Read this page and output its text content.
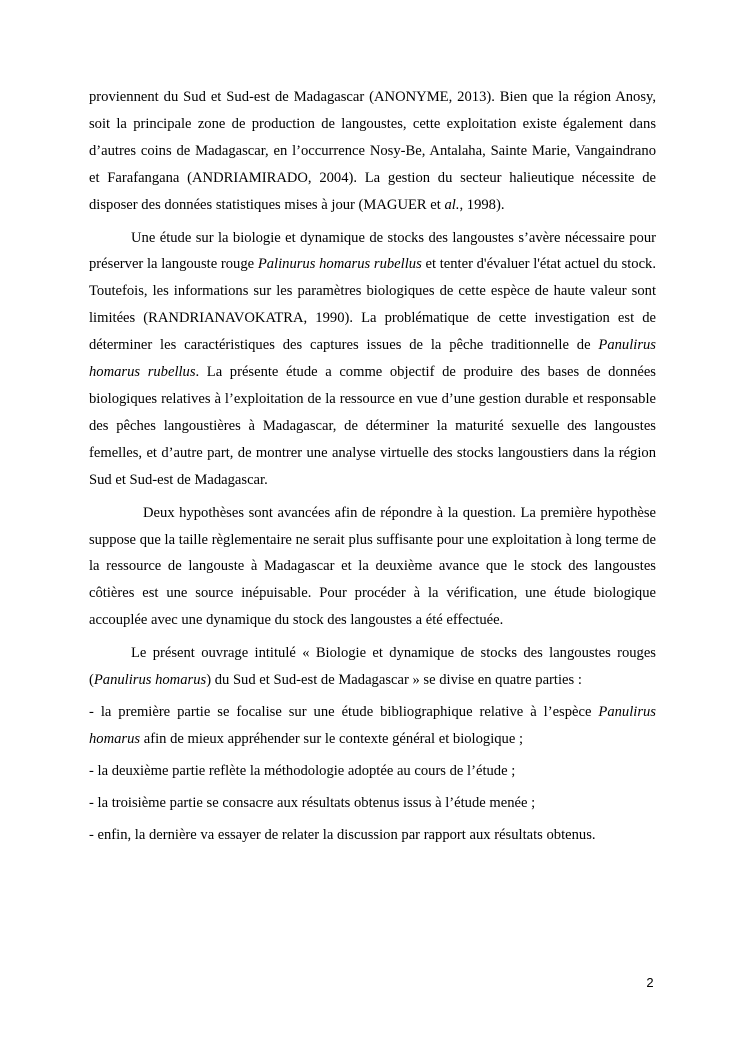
proviennent du Sud et Sud-est de Madagascar (ANONYME, 2013). Bien que la région Anosy, soit la principale zone de production de langoustes, cette exploitation existe également dans d’autres coins de Madagascar, en l’occurrence Nosy-Be, Antalaha, Sainte Marie, Vangaindrano et Farafangana (ANDRIAMIRADO, 2004). La gestion du secteur halieutique nécessite de disposer des données statistiques mises à jour (MAGUER et al., 1998).

Une étude sur la biologie et dynamique de stocks des langoustes s’avère nécessaire pour préserver la langouste rouge Palinurus homarus rubellus et tenter d'évaluer l'état actuel du stock. Toutefois, les informations sur les paramètres biologiques de cette espèce de haute valeur sont limitées (RANDRIANAVOKATRA, 1990). La problématique de cette investigation est de déterminer les caractéristiques des captures issues de la pêche traditionnelle de Panulirus homarus rubellus. La présente étude a comme objectif de produire des bases de données biologiques relatives à l’exploitation de la ressource en vue d’une gestion durable et responsable des pêches langoustières à Madagascar, de déterminer la maturité sexuelle des langoustes femelles, et d’autre part, de montrer une analyse virtuelle des stocks langoustiers dans la région Sud et Sud-est de Madagascar.

Deux hypothèses sont avancées afin de répondre à la question. La première hypothèse suppose que la taille règlementaire ne serait plus suffisante pour une exploitation à long terme de la ressource de langouste à Madagascar et la deuxième avance que le stock des langoustes côtières est une source inépuisable. Pour procéder à la vérification, une étude biologique accouplée avec une dynamique du stock des langoustes a été effectuée.

Le présent ouvrage intitulé « Biologie et dynamique de stocks des langoustes rouges (Panulirus homarus) du Sud et Sud-est de Madagascar » se divise en quatre parties :

- la première partie se focalise sur une étude bibliographique relative à l’espèce Panulirus homarus afin de mieux appréhender sur le contexte général et biologique ;

- la deuxième partie reflète la méthodologie adoptée au cours de l’étude ;

- la troisième partie se consacre aux résultats obtenus issus à l’étude menée ;

- enfin, la dernière va essayer de relater la discussion par rapport aux résultats obtenus.

2
